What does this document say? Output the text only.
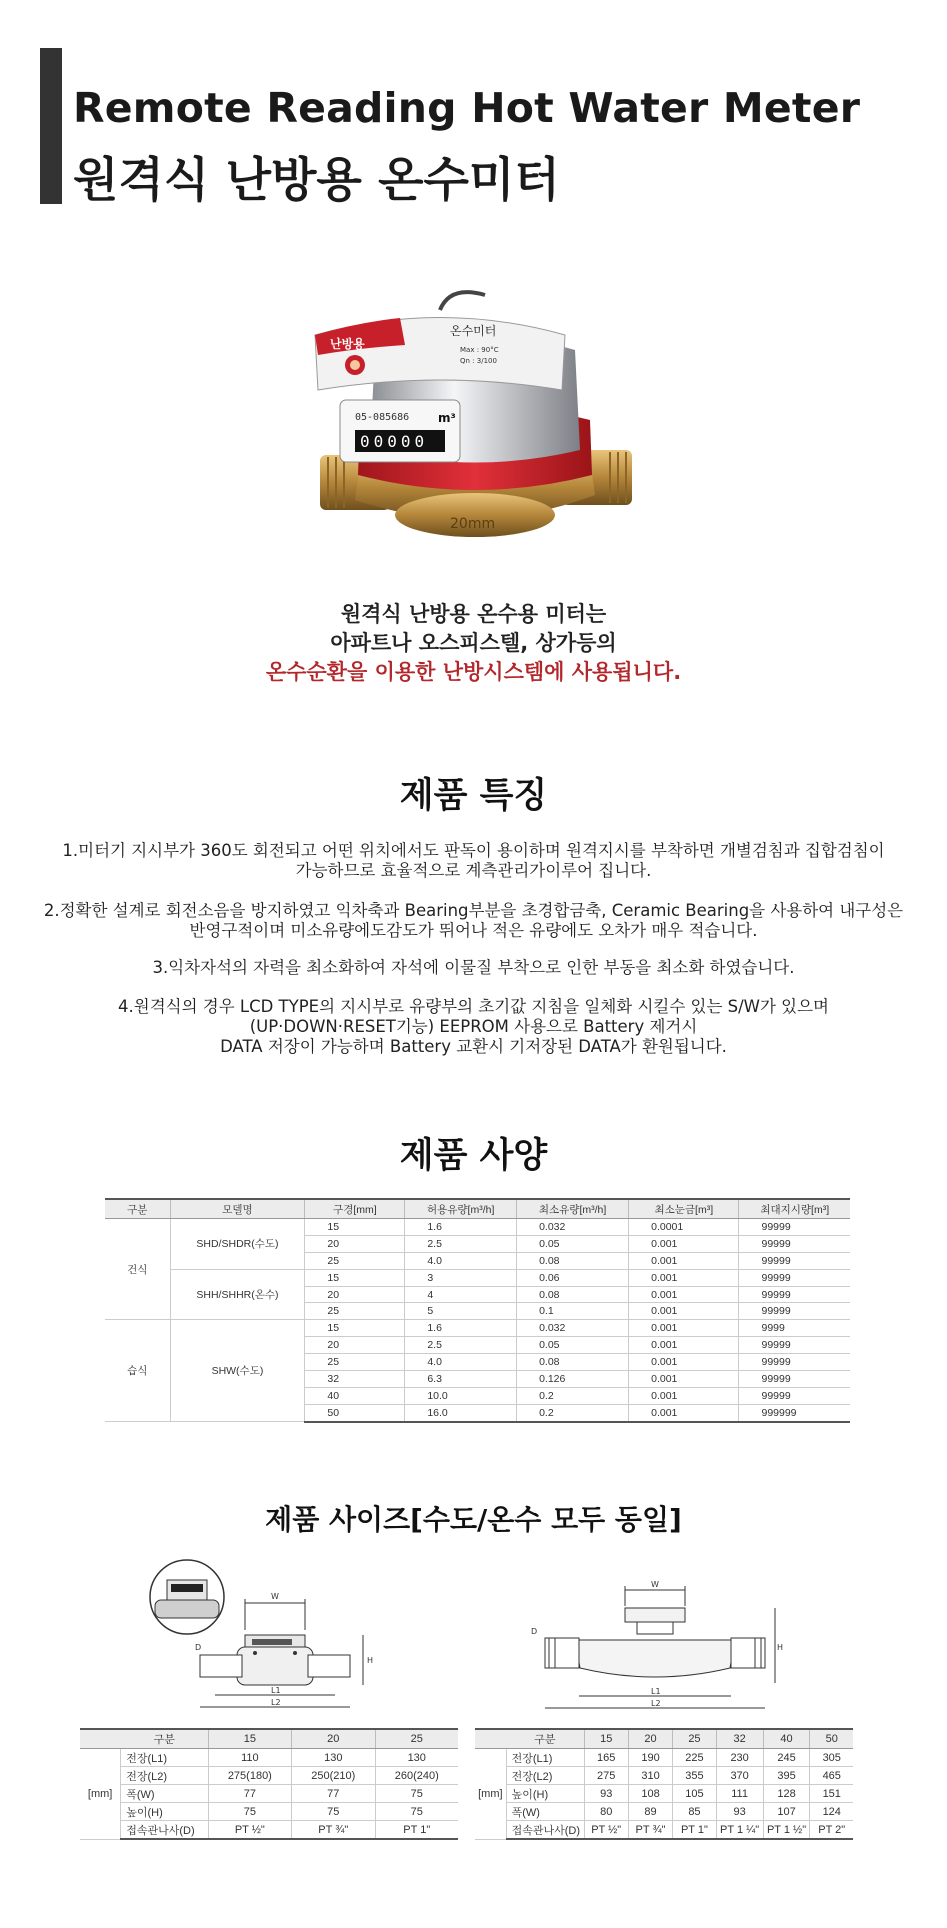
Remote Reading Hot Water Meter
원격식 난방용 온수미터
20mm
난방용
온수미터
Max : 90°C
Qn : 3/100
05-085686 m³
00000
원격식 난방용 온수용 미터는
아파트나 오스피스텔, 상가등의
온수순환을 이용한 난방시스템에 사용됩니다.
제품 특징
1.미터기 지시부가 360도 회전되고 어떤 위치에서도 판독이 용이하며 원격지시를 부착하면 개별검침과 집합검침이
가능하므로 효율적으로 계측관리가이루어 집니다.
2.정확한 설계로 회전소음을 방지하였고 익차축과 Bearing부분을 초경합금축, Ceramic Bearing을 사용하여 내구성은
반영구적이며 미소유량에도감도가 뛰어나 적은 유량에도 오차가 매우 적습니다.
3.익차자석의 자력을 최소화하여 자석에 이물질 부착으로 인한 부동을 최소화 하였습니다.
4.원격식의 경우 LCD TYPE의 지시부로 유량부의 초기값 지침을 일체화 시킬수 있는 S/W가 있으며
(UP·DOWN·RESET기능) EEPROM 사용으로 Battery 제거시
DATA 저장이 가능하며 Battery 교환시 기저장된 DATA가 환원됩니다.
제품 사양
구분	모델명	구경[mm]	허용유량[m³/h]	최소유량[m³/h]	최소눈금[m³]	최대지시량[m³]
건식	SHD/SHDR(수도)	15	1.6	0.032	0.0001	99999
		20	2.5	0.05	0.001	99999
		25	4.0	0.08	0.001	99999
	SHH/SHHR(온수)	15	3	0.06	0.001	99999
		20	4	0.08	0.001	99999
		25	5	0.1	0.001	99999
습식	SHW(수도)	15	1.6	0.032	0.001	9999
		20	2.5	0.05	0.001	99999
		25	4.0	0.08	0.001	99999
		32	6.3	0.126	0.001	99999
		40	10.0	0.2	0.001	99999
		50	16.0	0.2	0.001	999999
제품 사이즈[수도/온수 모두 동일]
W
H
D
L1
L2
W
D
H
L1
L2
	구분	15	20	25
[mm]	전장(L1)	110	130	130
	전장(L2)	275(180)	250(210)	260(240)
	폭(W)	77	77	75
	높이(H)	75	75	75
	접속관나사(D)	PT ½"	PT ¾"	PT 1"
	구분	15	20	25	32	40	50
[mm]	전장(L1)	165	190	225	230	245	305
	전장(L2)	275	310	355	370	395	465
	높이(H)	93	108	105	111	128	151
	폭(W)	80	89	85	93	107	124
	접속관나사(D)	PT ½"	PT ¾"	PT 1"	PT 1 ¼"	PT 1 ½"	PT 2"
